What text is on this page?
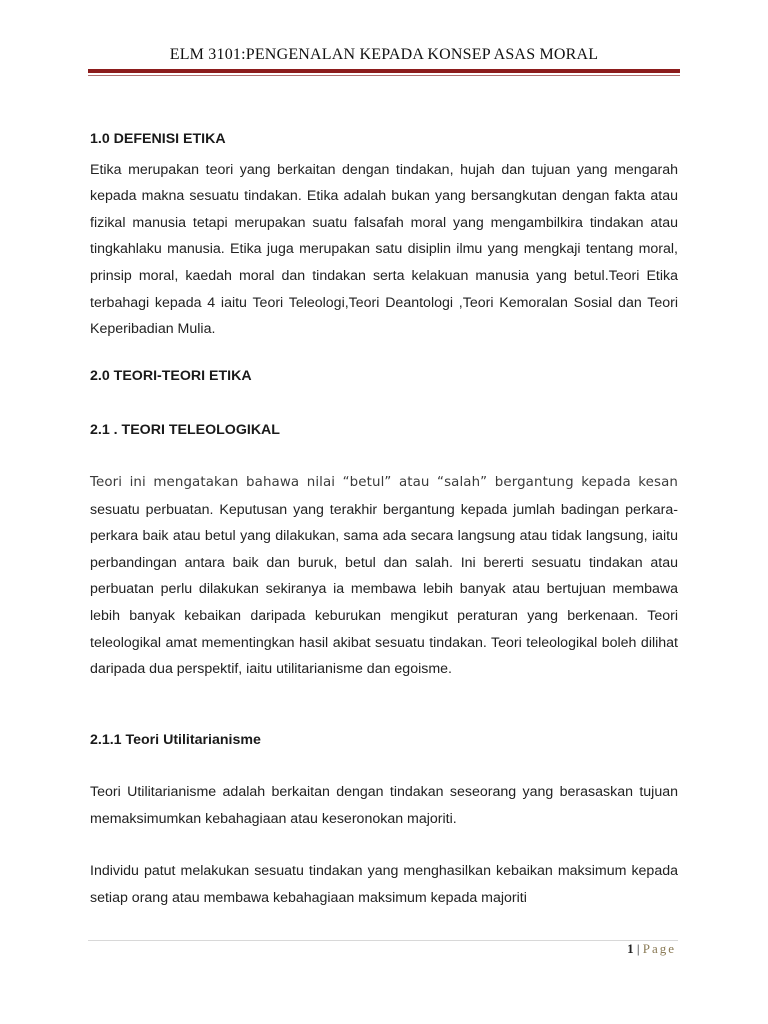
ELM 3101:PENGENALAN KEPADA KONSEP ASAS MORAL

1.0 DEFENISI ETIKA

Etika merupakan teori yang berkaitan dengan tindakan, hujah dan tujuan yang mengarah kepada makna sesuatu tindakan. Etika adalah bukan yang bersangkutan dengan fakta atau fizikal manusia tetapi merupakan suatu falsafah moral yang mengambilkira tindakan atau tingkahlaku manusia. Etika juga merupakan satu disiplin ilmu yang mengkaji tentang moral, prinsip moral, kaedah moral dan tindakan serta kelakuan manusia yang betul.Teori Etika terbahagi kepada 4 iaitu Teori Teleologi,Teori Deantologi ,Teori Kemoralan Sosial dan Teori Keperibadian Mulia.

2.0 TEORI-TEORI ETIKA

2.1 . TEORI TELEOLOGIKAL

Teori ini mengatakan bahawa nilai “betul” atau “salah” bergantung kepada kesan

sesuatu perbuatan. Keputusan yang terakhir bergantung kepada jumlah badingan perkara-perkara baik atau betul yang dilakukan, sama ada secara langsung atau tidak langsung, iaitu perbandingan antara baik dan buruk, betul dan salah. Ini bererti sesuatu tindakan atau perbuatan perlu dilakukan sekiranya ia membawa lebih banyak atau bertujuan membawa lebih banyak kebaikan daripada keburukan mengikut peraturan yang berkenaan. Teori teleologikal amat mementingkan hasil akibat sesuatu tindakan. Teori teleologikal boleh dilihat daripada dua perspektif, iaitu utilitarianisme dan egoisme.

2.1.1 Teori Utilitarianisme

Teori Utilitarianisme adalah berkaitan dengan tindakan seseorang yang berasaskan tujuan memaksimumkan kebahagiaan atau keseronokan majoriti.

Individu patut melakukan sesuatu tindakan yang menghasilkan kebaikan maksimum kepada setiap orang atau membawa kebahagiaan maksimum kepada majoriti

1 | Page
